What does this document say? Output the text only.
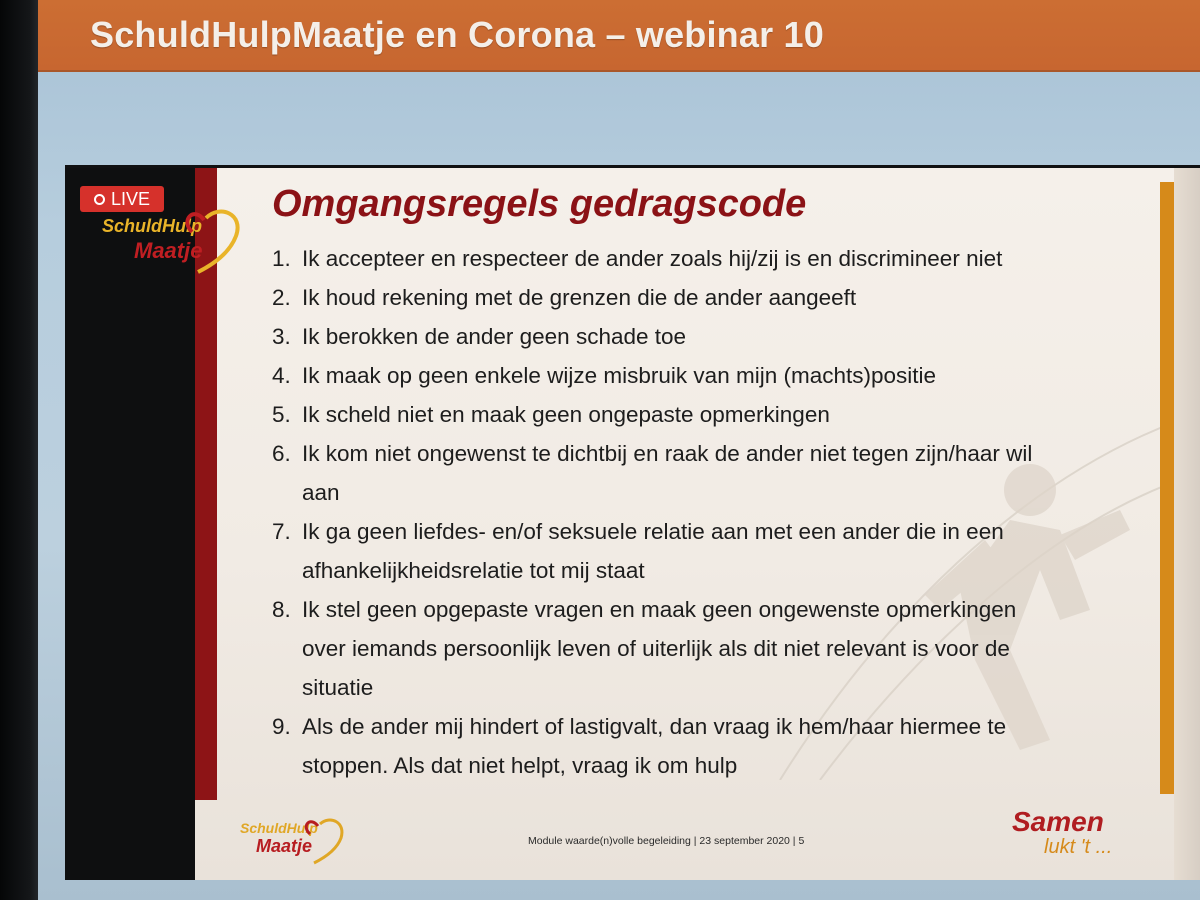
SchuldHulpMaatje en Corona – webinar 10
LIVE
SchuldHulp
Maatje
Omgangsregels gedragscode
1. Ik accepteer en respecteer de ander zoals hij/zij is en discrimineer niet
2. Ik houd rekening met de grenzen die de ander aangeeft
3. Ik berokken de ander geen schade toe
4. Ik maak op geen enkele wijze misbruik van mijn (machts)positie
5. Ik scheld niet en maak geen ongepaste opmerkingen
6. Ik kom niet ongewenst te dichtbij en raak de ander niet tegen zijn/haar wil
aan
7. Ik ga geen liefdes- en/of seksuele relatie aan met een ander die in een
afhankelijkheidsrelatie tot mij staat
8. Ik stel geen opgepaste vragen en maak geen ongewenste opmerkingen
over iemands persoonlijk leven of uiterlijk als dit niet relevant is voor de
situatie
9. Als de ander mij hindert of lastigvalt, dan vraag ik hem/haar hiermee te
stoppen. Als dat niet helpt, vraag ik om hulp
SchuldHulp
Maatje	Module waarde(n)volle begeleiding | 23 september 2020 | 5
Samen
lukt 't ...
